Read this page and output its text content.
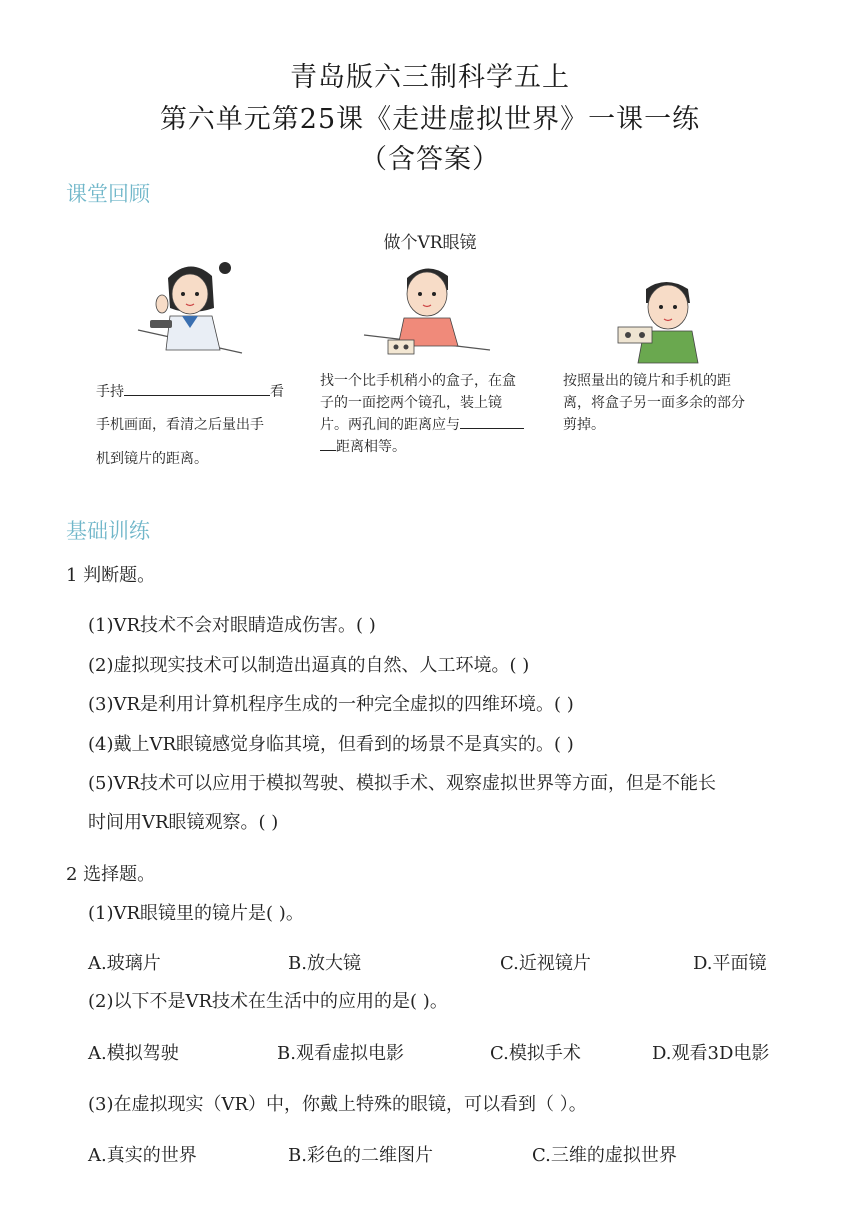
青岛版六三制科学五上
第六单元第25课《走进虚拟世界》一课一练
（含答案）
课堂回顾
做个VR眼镜
手持	看
手机画面，看清之后量出手
机到镜片的距离。
找一个比手机稍小的盒子，在盒
子的一面挖两个镜孔，装上镜
片。两孔间的距离应与
距离相等。
按照量出的镜片和手机的距
离，将盒子另一面多余的部分
剪掉。
基础训练
1 判断题。
(1)VR技术不会对眼睛造成伤害。( )
(2)虚拟现实技术可以制造出逼真的自然、人工环境。( )
(3)VR是利用计算机程序生成的一种完全虚拟的四维环境。( )
(4)戴上VR眼镜感觉身临其境，但看到的场景不是真实的。( )
(5)VR技术可以应用于模拟驾驶、模拟手术、观察虚拟世界等方面，但是不能长
时间用VR眼镜观察。( )
2 选择题。
(1)VR眼镜里的镜片是( )。
A.玻璃片	B.放大镜	C.近视镜片	D.平面镜
(2)以下不是VR技术在生活中的应用的是( )。
A.模拟驾驶	B.观看虚拟电影	C.模拟手术	D.观看3D电影
(3)在虚拟现实（VR）中，你戴上特殊的眼镜，可以看到（ ）。
A.真实的世界	B.彩色的二维图片	C.三维的虚拟世界
